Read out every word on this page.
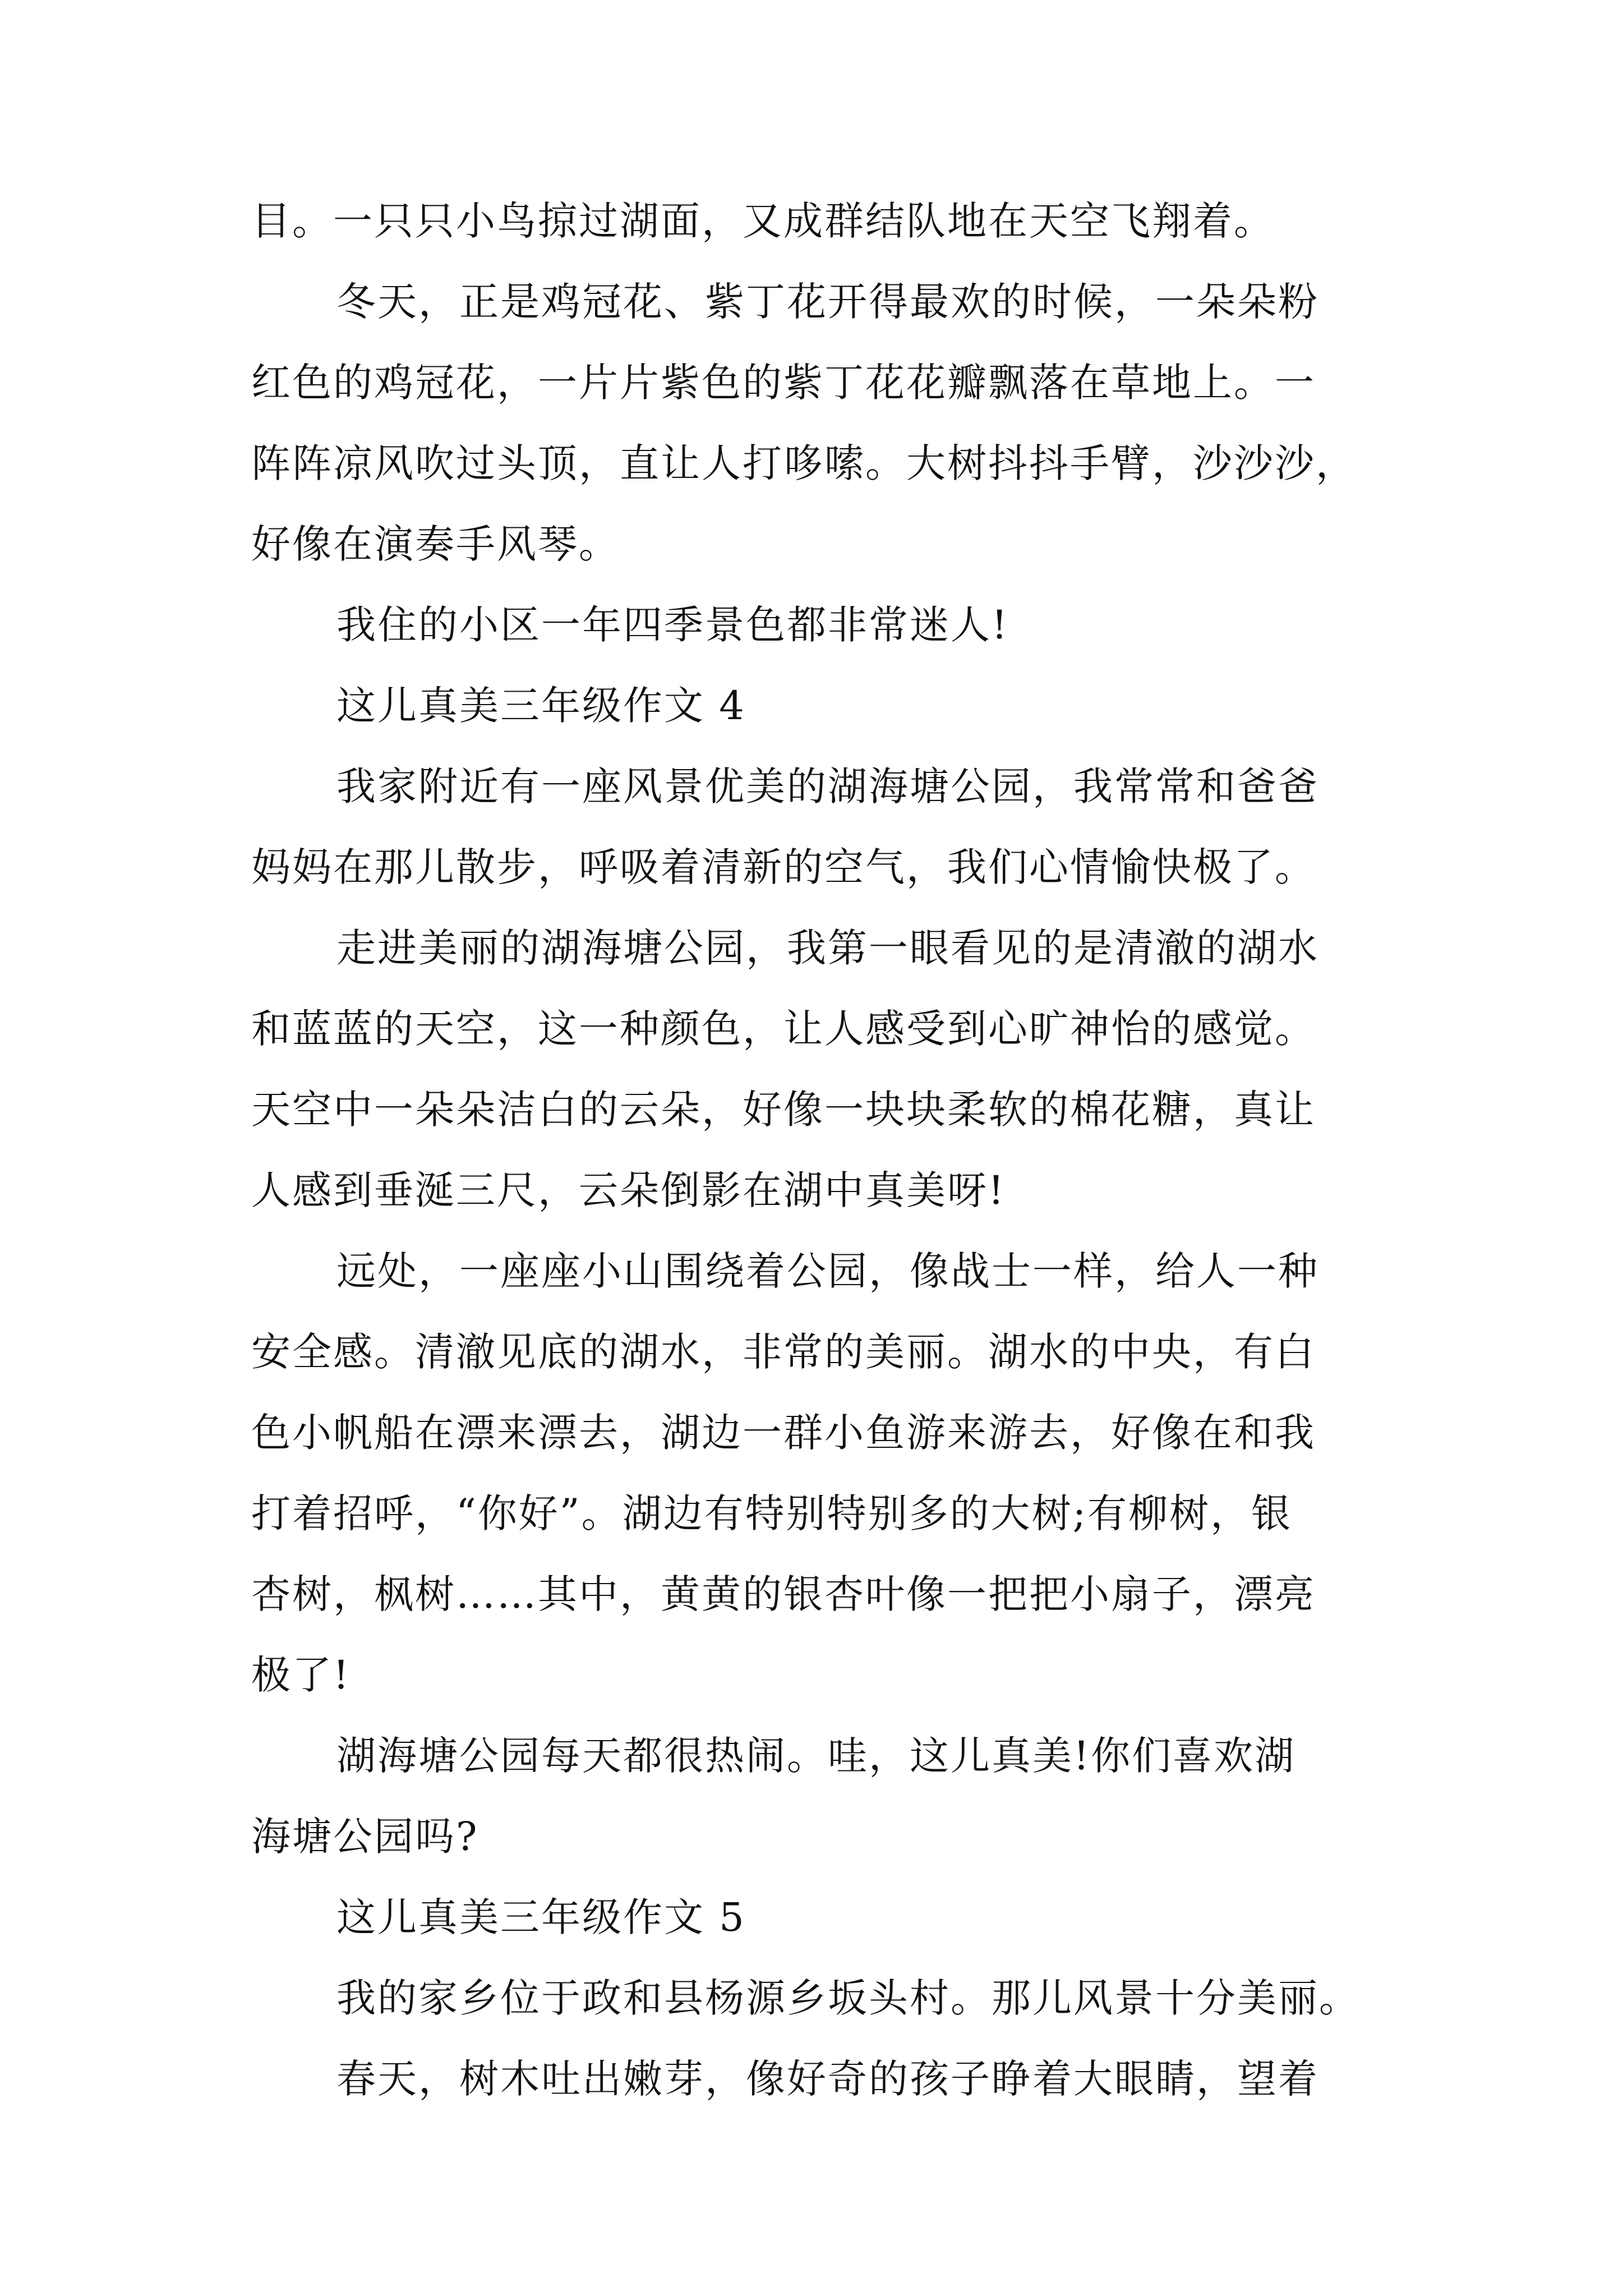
目。一只只小鸟掠过湖面，又成群结队地在天空飞翔着。
冬天，正是鸡冠花、紫丁花开得最欢的时候，一朵朵粉
红色的鸡冠花，一片片紫色的紫丁花花瓣飘落在草地上。一
阵阵凉风吹过头顶，直让人打哆嗦。大树抖抖手臂，沙沙沙，
好像在演奏手风琴。
我住的小区一年四季景色都非常迷人!
这儿真美三年级作文 4
我家附近有一座风景优美的湖海塘公园，我常常和爸爸
妈妈在那儿散步，呼吸着清新的空气，我们心情愉快极了。
走进美丽的湖海塘公园，我第一眼看见的是清澈的湖水
和蓝蓝的天空，这一种颜色，让人感受到心旷神怡的感觉。
天空中一朵朵洁白的云朵，好像一块块柔软的棉花糖，真让
人感到垂涎三尺，云朵倒影在湖中真美呀!
远处，一座座小山围绕着公园，像战士一样，给人一种
安全感。清澈见底的湖水，非常的美丽。湖水的中央，有白
色小帆船在漂来漂去，湖边一群小鱼游来游去，好像在和我
打着招呼，“你好”。湖边有特别特别多的大树;有柳树，银
杏树，枫树……其中，黄黄的银杏叶像一把把小扇子，漂亮
极了!
湖海塘公园每天都很热闹。哇，这儿真美!你们喜欢湖
海塘公园吗?
这儿真美三年级作文 5
我的家乡位于政和县杨源乡坂头村。那儿风景十分美丽。
春天，树木吐出嫩芽，像好奇的孩子睁着大眼睛，望着
